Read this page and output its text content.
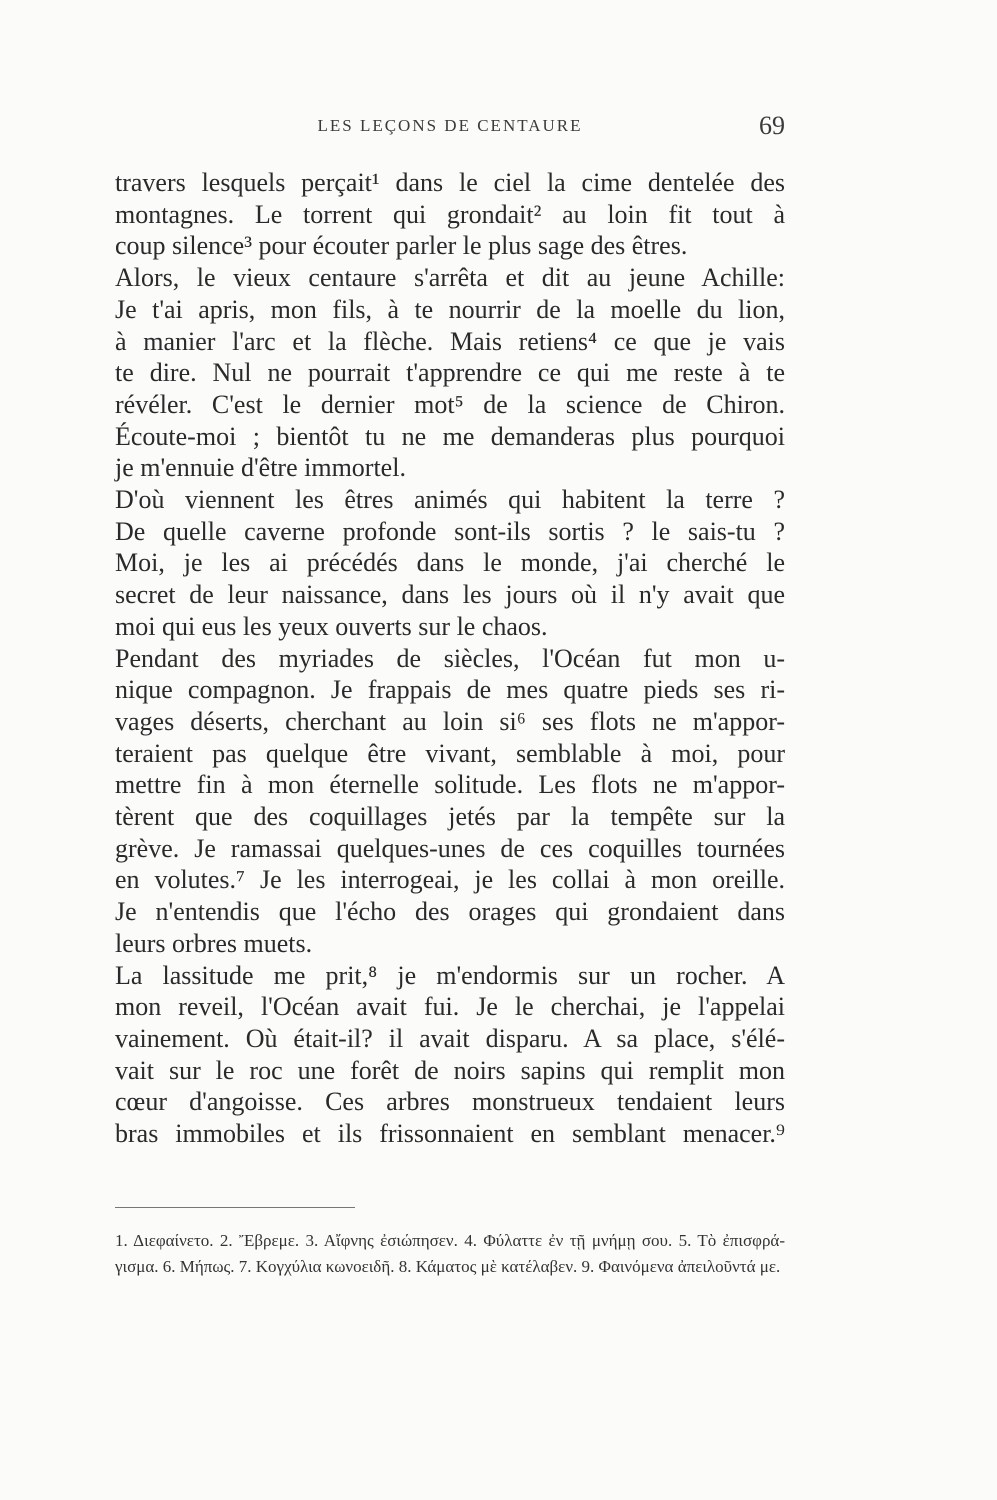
LES LEÇONS DE CENTAURE	69
travers lesquels perçait¹ dans le ciel la cime dentelée des
montagnes. Le torrent qui grondait² au loin fit tout à
coup silence³ pour écouter parler le plus sage des êtres.
Alors, le vieux centaure s'arrêta et dit au jeune Achille:
Je t'ai apris, mon fils, à te nourrir de la moelle du lion,
à manier l'arc et la flèche. Mais retiens⁴ ce que je vais
te dire. Nul ne pourrait t'apprendre ce qui me reste à te
révéler. C'est le dernier mot⁵ de la science de Chiron.
Écoute-moi ; bientôt tu ne me demanderas plus pourquoi
je m'ennuie d'être immortel.
D'où viennent les êtres animés qui habitent la terre ?
De quelle caverne profonde sont-ils sortis ? le sais-tu ?
Moi, je les ai précédés dans le monde, j'ai cherché le
secret de leur naissance, dans les jours où il n'y avait que
moi qui eus les yeux ouverts sur le chaos.
Pendant des myriades de siècles, l'Océan fut mon u-
nique compagnon. Je frappais de mes quatre pieds ses ri-
vages déserts, cherchant au loin si⁶ ses flots ne m'appor-
teraient pas quelque être vivant, semblable à moi, pour
mettre fin à mon éternelle solitude. Les flots ne m'appor-
tèrent que des coquillages jetés par la tempête sur la
grève. Je ramassai quelques-unes de ces coquilles tournées
en volutes.⁷ Je les interrogeai, je les collai à mon oreille.
Je n'entendis que l'écho des orages qui grondaient dans
leurs orbres muets.
La lassitude me prit,⁸ je m'endormis sur un rocher. A
mon reveil, l'Océan avait fui. Je le cherchai, je l'appelai
vainement. Où était-il? il avait disparu. A sa place, s'élé-
vait sur le roc une forêt de noirs sapins qui remplit mon
cœur d'angoisse. Ces arbres monstrueux tendaient leurs
bras immobiles et ils frissonnaient en semblant menacer.⁹
1. Διεφαίνετο. 2. Ἔβρεμε. 3. Αἴφνης ἐσιώπησεν. 4. Φύλαττε ἐν τῇ μνήμῃ σου. 5. Τὸ ἐπισφρά-
γισμα. 6. Μήπως. 7. Κογχύλια κωνοειδῆ. 8. Κάματος μὲ κατέλαβεν. 9. Φαινόμενα ἀπειλοῦντά με.
